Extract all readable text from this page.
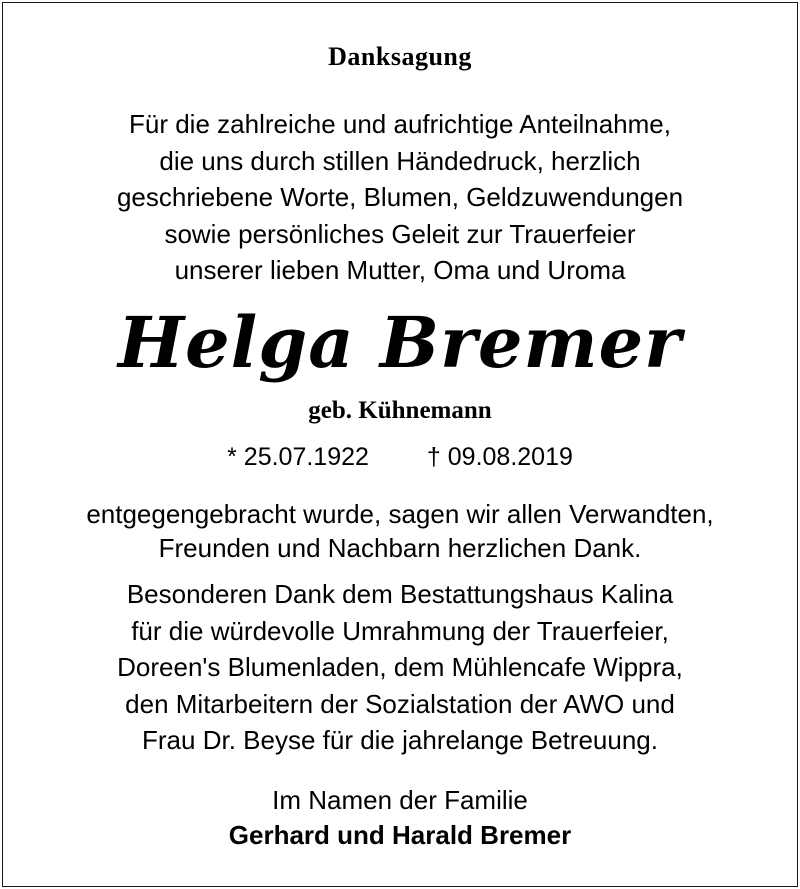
Danksagung
Für die zahlreiche und aufrichtige Anteilnahme,
die uns durch stillen Händedruck, herzlich
geschriebene Worte, Blumen, Geldzuwendungen
sowie persönliches Geleit zur Trauerfeier
unserer lieben Mutter, Oma und Uroma
Helga Bremer
geb. Kühnemann
* 25.07.1922 † 09.08.2019
entgegengebracht wurde, sagen wir allen Verwandten,
Freunden und Nachbarn herzlichen Dank.
Besonderen Dank dem Bestattungshaus Kalina
für die würdevolle Umrahmung der Trauerfeier,
Doreen's Blumenladen, dem Mühlencafe Wippra,
den Mitarbeitern der Sozialstation der AWO und
Frau Dr. Beyse für die jahrelange Betreuung.
Im Namen der Familie
Gerhard und Harald Bremer
